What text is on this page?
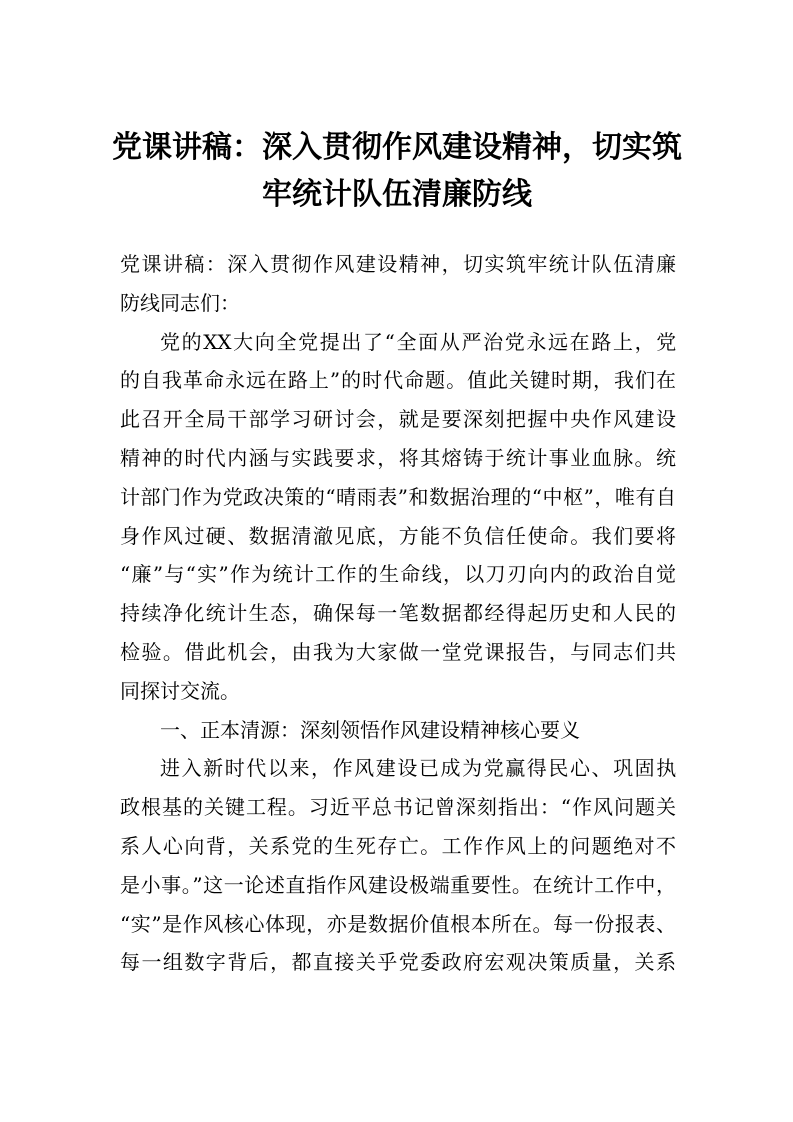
党课讲稿：深入贯彻作风建设精神，切实筑
牢统计队伍清廉防线
党课讲稿：深入贯彻作风建设精神，切实筑牢统计队伍清廉
防线同志们：
党的XX大向全党提出了“全面从严治党永远在路上，党
的自我革命永远在路上”的时代命题。值此关键时期，我们在
此召开全局干部学习研讨会，就是要深刻把握中央作风建设
精神的时代内涵与实践要求，将其熔铸于统计事业血脉。统
计部门作为党政决策的“晴雨表”和数据治理的“中枢”，唯有自
身作风过硬、数据清澈见底，方能不负信任使命。我们要将
“廉”与“实”作为统计工作的生命线，以刀刃向内的政治自觉
持续净化统计生态，确保每一笔数据都经得起历史和人民的
检验。借此机会，由我为大家做一堂党课报告，与同志们共
同探讨交流。
一、正本清源：深刻领悟作风建设精神核心要义
进入新时代以来，作风建设已成为党赢得民心、巩固执
政根基的关键工程。习近平总书记曾深刻指出：“作风问题关
系人心向背，关系党的生死存亡。工作作风上的问题绝对不
是小事。”这一论述直指作风建设极端重要性。在统计工作中，
“实”是作风核心体现，亦是数据价值根本所在。每一份报表、
每一组数字背后，都直接关乎党委政府宏观决策质量，关系
